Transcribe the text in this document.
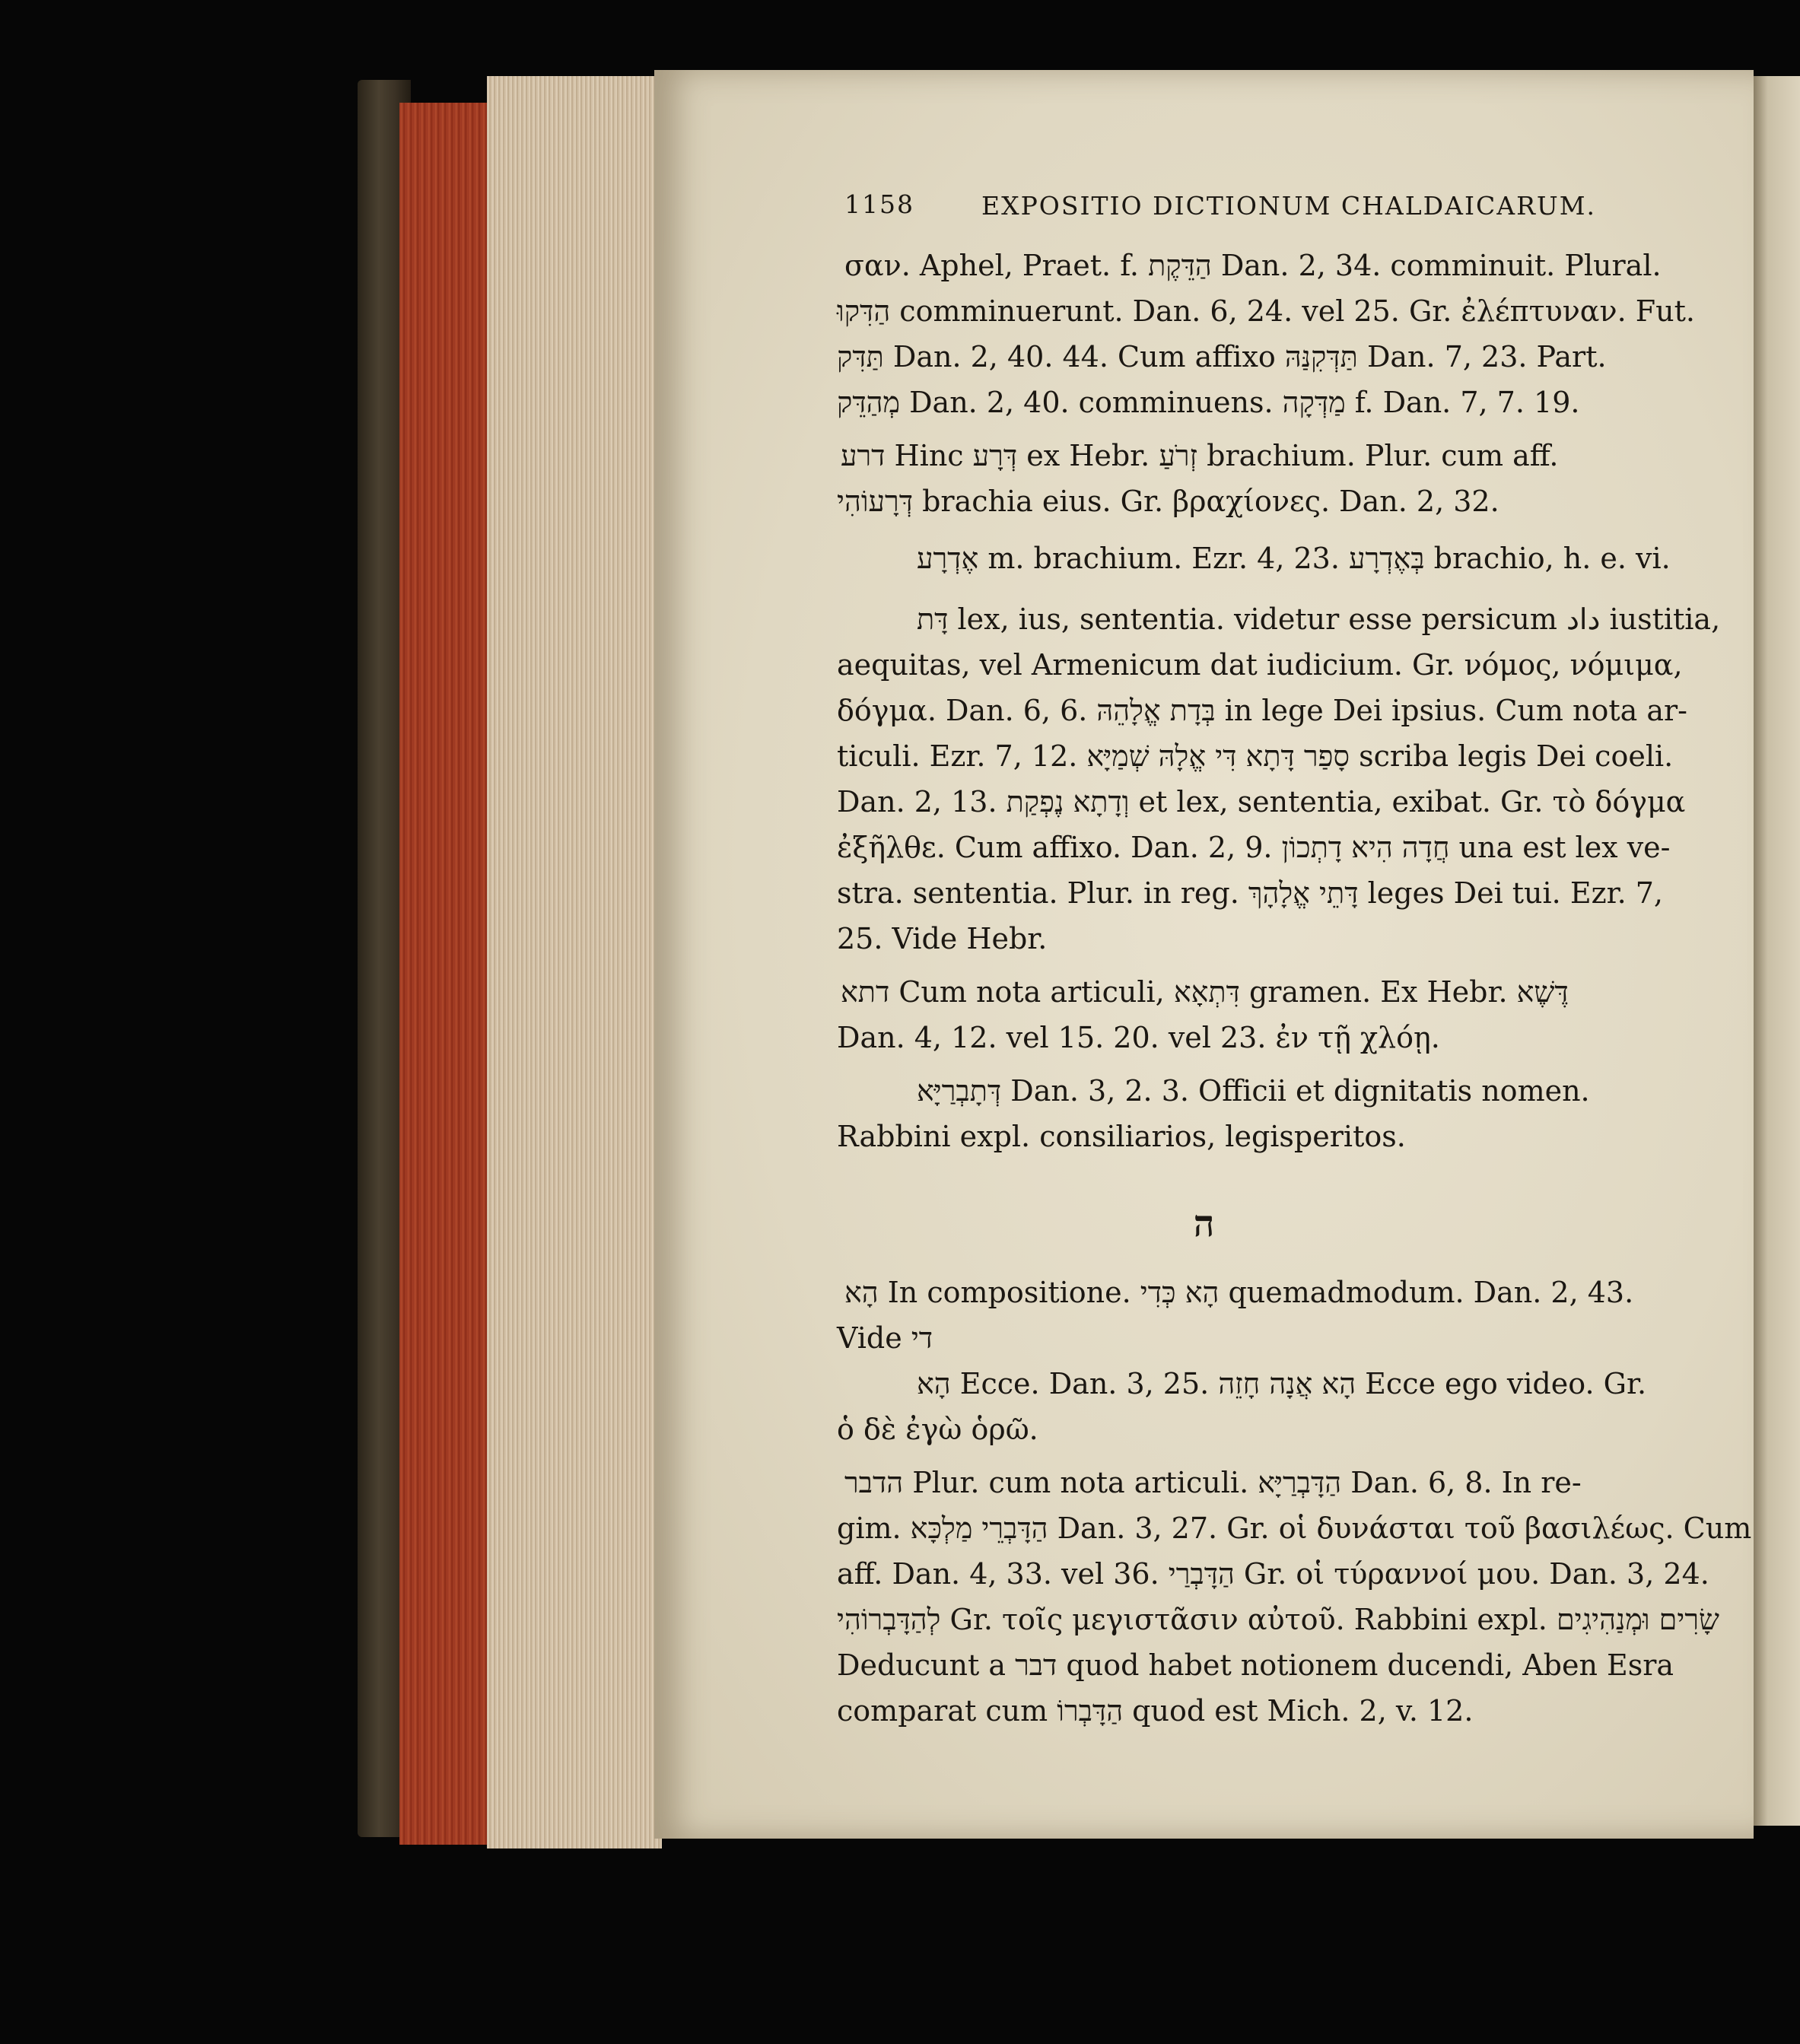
1158	EXPOSITIO DICTIONUM CHALDAICARUM.
σαν. Aphel, Praet. f. הַדֵּקֶת Dan. 2, 34. comminuit. Plural.
הַדִּקוּ comminuerunt. Dan. 6, 24. vel 25. Gr. ἐλέπτυναν. Fut.
תַּדִּק Dan. 2, 40. 44. Cum affixo תַּדְּקִנַּהּ Dan. 7, 23. Part.
מְהַדֵּק Dan. 2, 40. comminuens. מַדְּקָה f. Dan. 7, 7. 19.
דרע Hinc דְּרָע ex Hebr. זְרֹעַ brachium. Plur. cum aff.
דְּרָעוֹהִי brachia eius. Gr. βραχίονες. Dan. 2, 32.
אֶדְרָע m. brachium. Ezr. 4, 23. בְּאֶדְרָע brachio, h. e. vi.
דָּת lex, ius, sententia. videtur esse persicum داد iustitia,
aequitas, vel Armenicum dat iudicium. Gr. νόμος, νόμιμα,
δόγμα. Dan. 6, 6. בְּדָת אֱלָהֵהּ in lege Dei ipsius. Cum nota ar-
ticuli. Ezr. 7, 12. סָפַר דָּתָא דִּי אֱלָהּ שְׁמַיָּא scriba legis Dei coeli.
Dan. 2, 13. וְדָתָא נֶפְקַת et lex, sententia, exibat. Gr. τὸ δόγμα
ἐξῆλθε. Cum affixo. Dan. 2, 9. חֲדָה הִיא דָתְכוֹן una est lex ve-
stra. sententia. Plur. in reg. דָּתֵי אֱלָהָךְ leges Dei tui. Ezr. 7,
25. Vide Hebr.
דתא Cum nota articuli, דִּתְאָא gramen. Ex Hebr. דֶּשֶׁא
Dan. 4, 12. vel 15. 20. vel 23. ἐν τῇ χλόῃ.
דְּתָבְרַיָּא Dan. 3, 2. 3. Officii et dignitatis nomen.
Rabbini expl. consiliarios, legisperitos.
ה
הָא In compositione. הָא כְּדִי quemadmodum. Dan. 2, 43.
Vide די
הָא Ecce. Dan. 3, 25. הָא אֲנָה חָזֵה Ecce ego video. Gr.
ὁ δὲ ἐγὼ ὁρῶ.
הדבר Plur. cum nota articuli. הַדָּבְרַיָּא Dan. 6, 8. In re-
gim. הַדָּבְרֵי מַלְכָּא Dan. 3, 27. Gr. οἱ δυνάσται τοῦ βασιλέως. Cum
aff. Dan. 4, 33. vel 36. הַדָּבְרַי Gr. οἱ τύραννοί μου. Dan. 3, 24.
לְהַדָּבְרוֹהִי Gr. τοῖς μεγιστᾶσιν αὐτοῦ. Rabbini expl. שָׂרִים וּמְנַהִיגִים
Deducunt a דבר quod habet notionem ducendi, Aben Esra
comparat cum הַדָּבְרוֹ quod est Mich. 2, v. 12.
